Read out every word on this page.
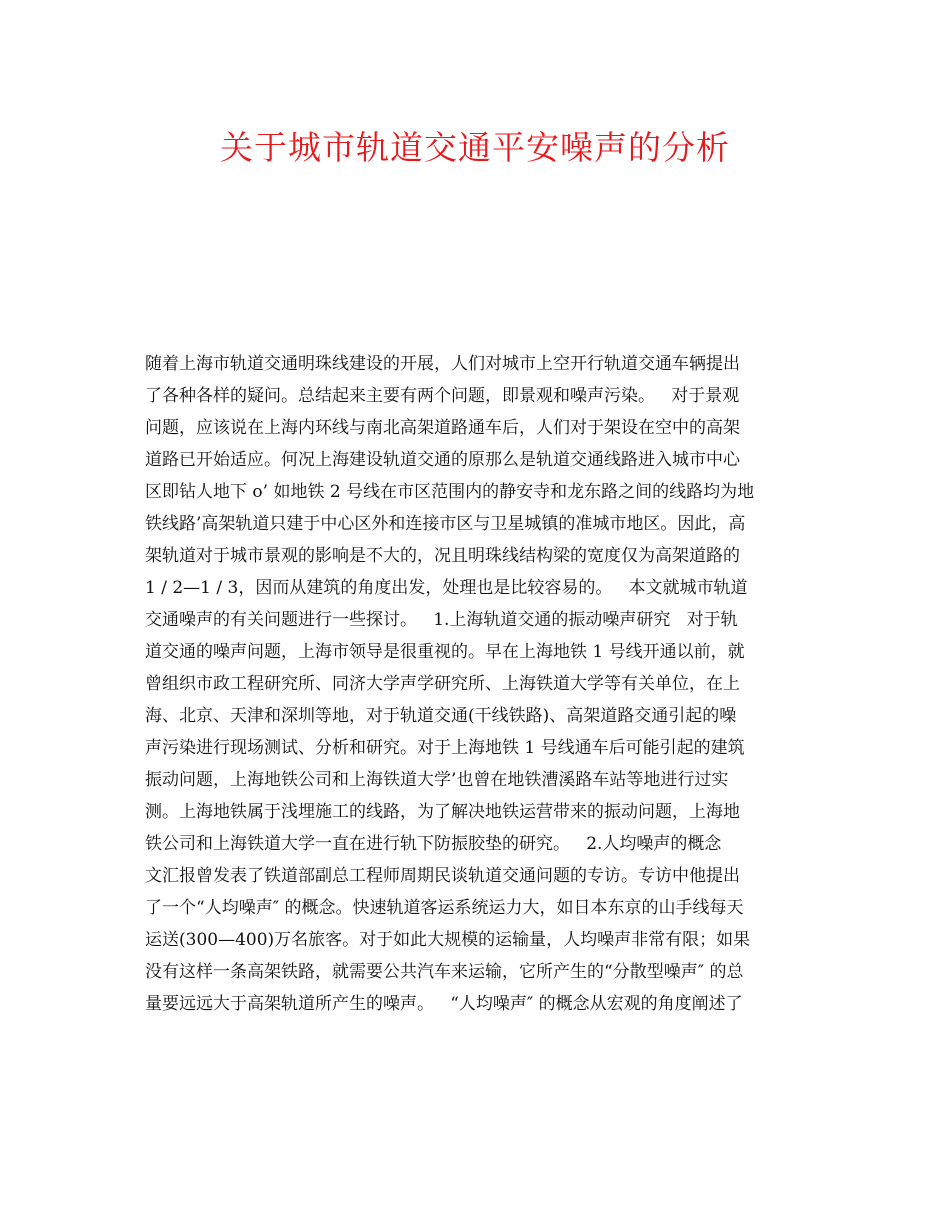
关于城市轨道交通平安噪声的分析
随着上海市轨道交通明珠线建设的开展，人们对城市上空开行轨道交通车辆提出
了各种各样的疑问。总结起来主要有两个问题，即景观和噪声污染。   对于景观
问题，应该说在上海内环线与南北高架道路通车后，人们对于架设在空中的高架
道路已开始适应。何况上海建设轨道交通的原那么是轨道交通线路进入城市中心
区即钻人地下 o’ 如地铁 2 号线在市区范围内的静安寺和龙东路之间的线路均为地
铁线路’高架轨道只建于中心区外和连接市区与卫星城镇的准城市地区。因此，高
架轨道对于城市景观的影响是不大的，况且明珠线结构梁的宽度仅为高架道路的
1 / 2—1 / 3，因而从建筑的角度出发，处理也是比较容易的。   本文就城市轨道
交通噪声的有关问题进行一些探讨。   1.上海轨道交通的振动噪声研究   对于轨
道交通的噪声问题，上海市领导是很重视的。早在上海地铁 1 号线开通以前，就
曾组织市政工程研究所、同济大学声学研究所、上海铁道大学等有关单位，在上
海、北京、天津和深圳等地，对于轨道交通(干线铁路)、高架道路交通引起的噪
声污染进行现场测试、分析和研究。对于上海地铁 1 号线通车后可能引起的建筑
振动问题，上海地铁公司和上海铁道大学’也曾在地铁漕溪路车站等地进行过实
测。上海地铁属于浅埋施工的线路，为了解决地铁运营带来的振动问题，上海地
铁公司和上海铁道大学一直在进行轨下防振胶垫的研究。   2.人均噪声的概念
文汇报曾发表了铁道部副总工程师周期民谈轨道交通问题的专访。专访中他提出
了一个“人均噪声″ 的概念。快速轨道客运系统运力大，如日本东京的山手线每天
运送(300—400)万名旅客。对于如此大规模的运输量，人均噪声非常有限；如果
没有这样一条高架铁路，就需要公共汽车来运输，它所产生的“分散型噪声″ 的总
量要远远大于高架轨道所产生的噪声。   “人均噪声″ 的概念从宏观的角度阐述了
